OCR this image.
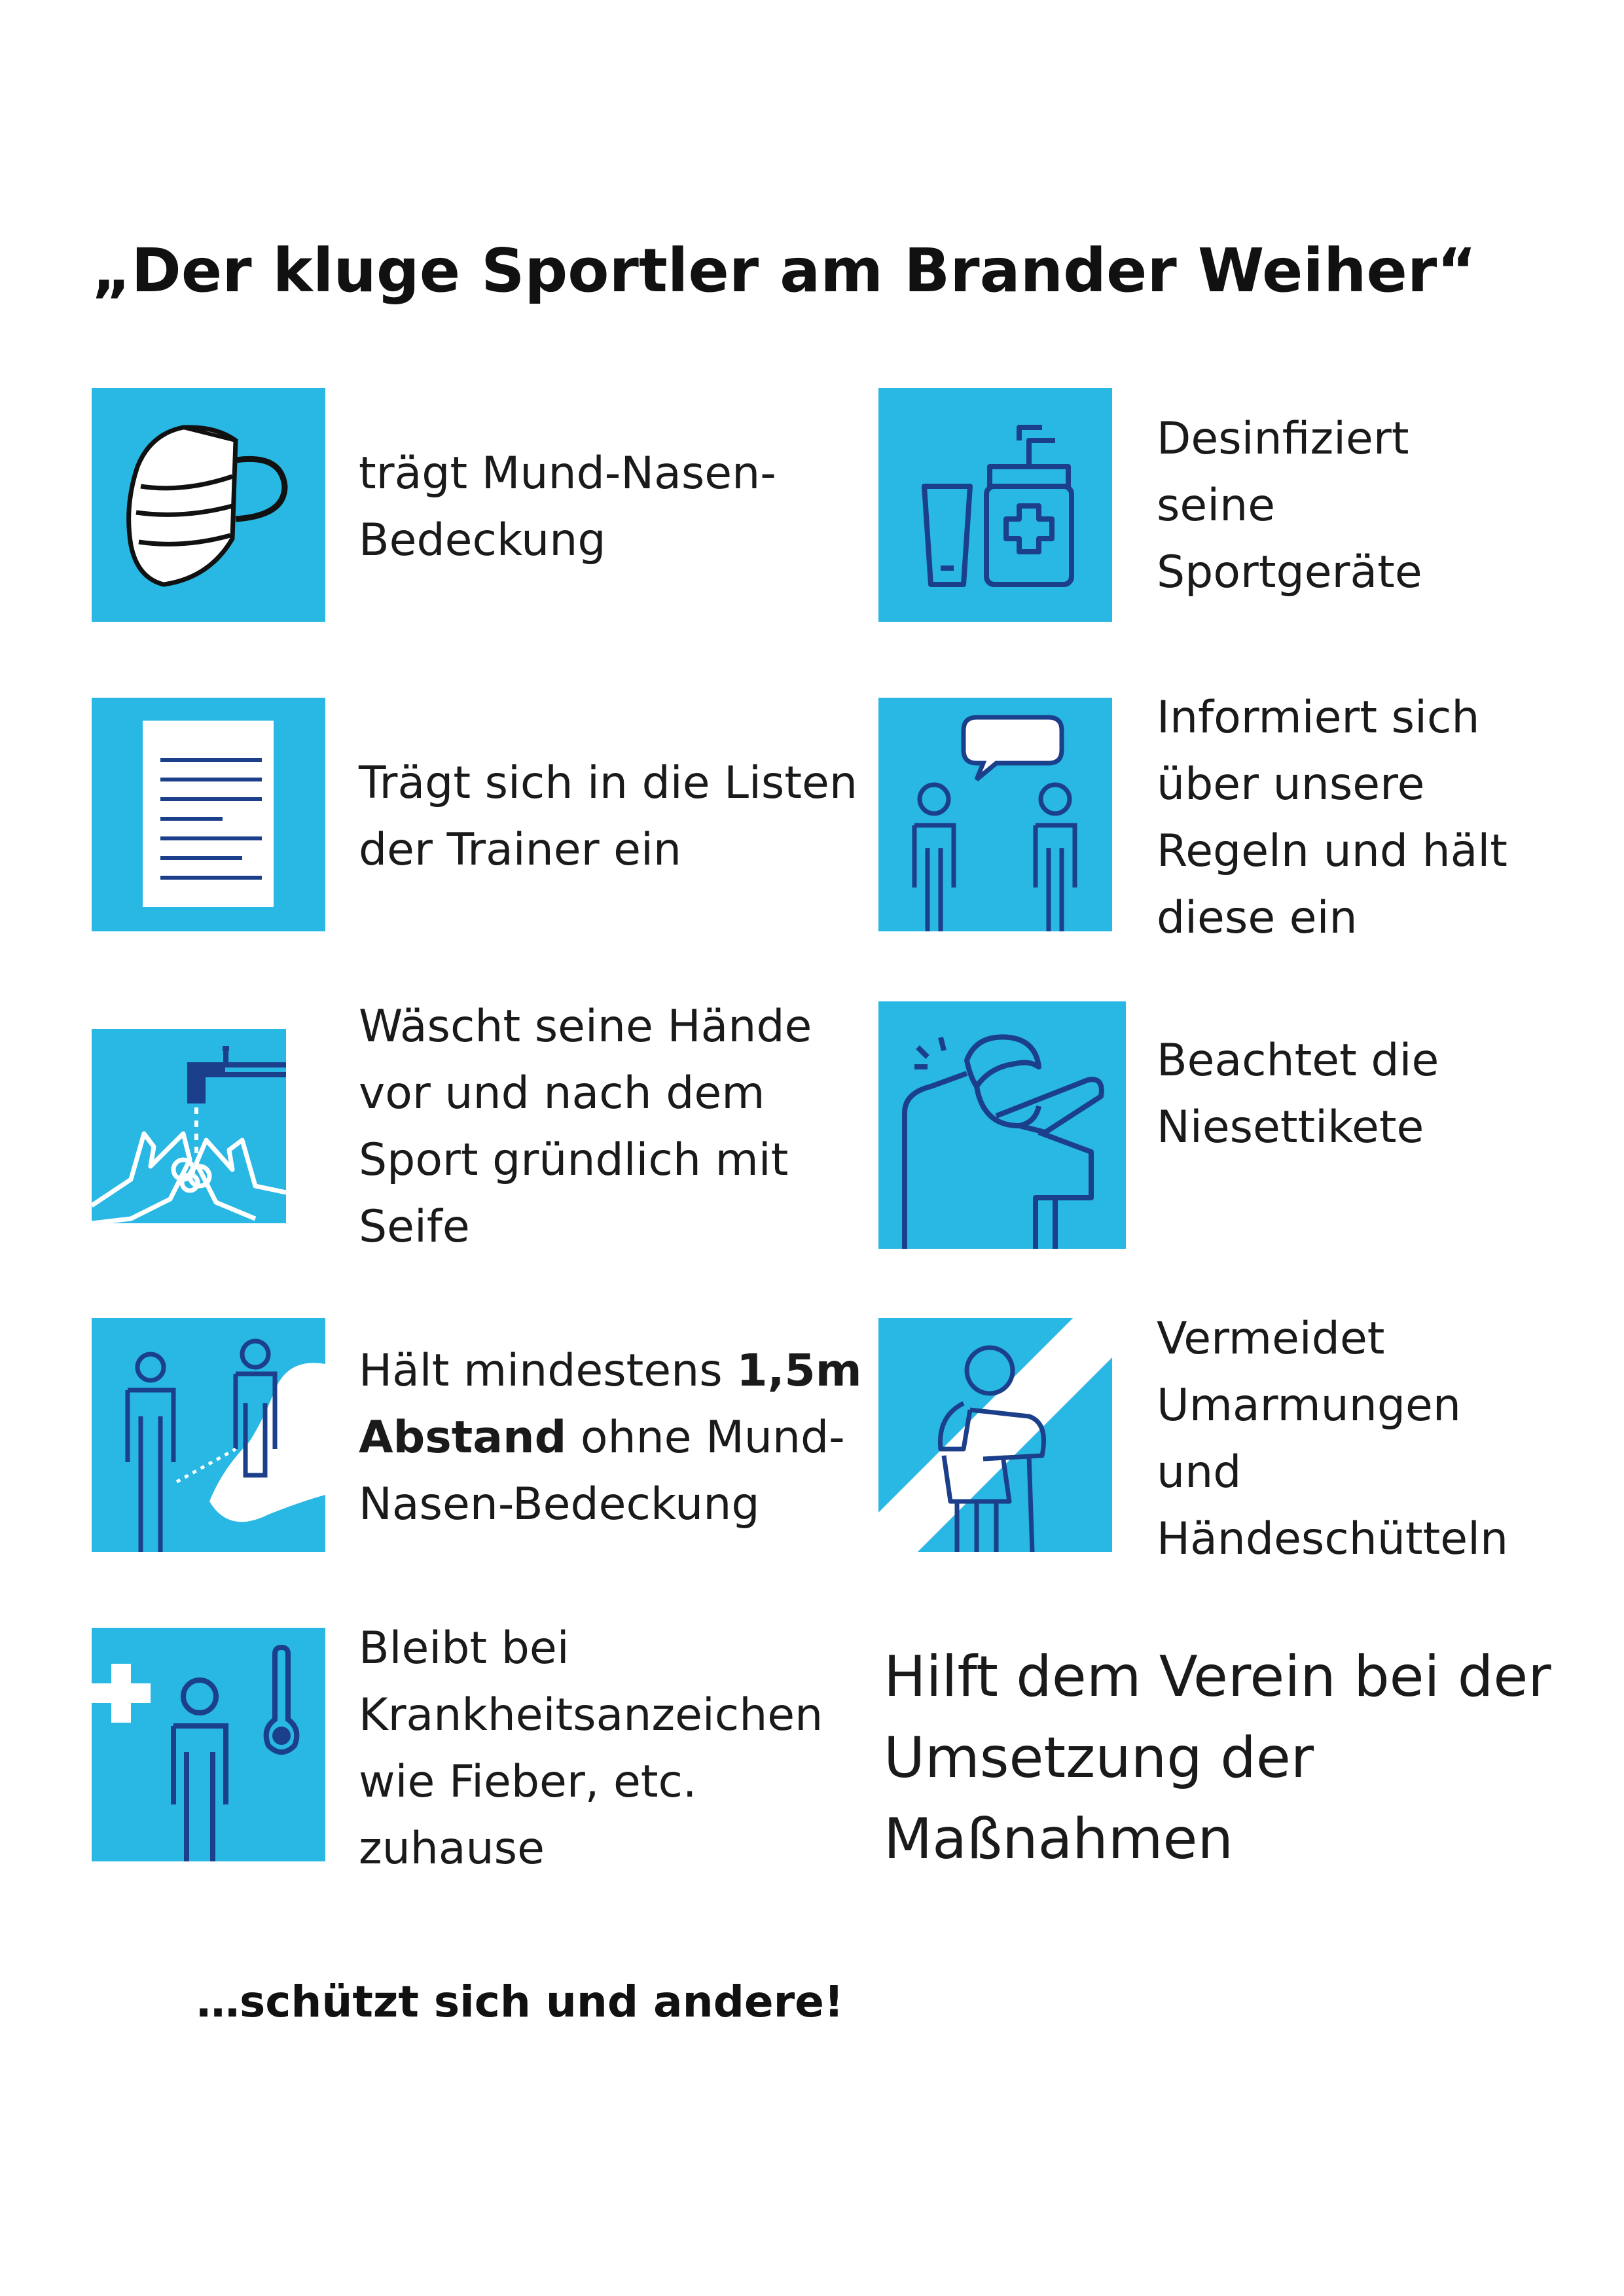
„Der kluge Sportler am Brander Weiher“
trägt Mund-Nasen-
Bedeckung
Desinfiziert
seine
Sportgeräte
Trägt sich in die Listen
der Trainer ein
Informiert sich
über unsere
Regeln und hält
diese ein
Wäscht seine Hände
vor und nach dem
Sport gründlich mit
Seife
Beachtet die
Niesettikete
Hält mindestens 1,5m
Abstand ohne Mund-
Nasen-Bedeckung
Vermeidet
Umarmungen
und
Händeschütteln
Bleibt bei
Krankheitsanzeichen
wie Fieber, etc.
zuhause
Hilft dem Verein bei der
Umsetzung der
Maßnahmen
…schützt sich und andere!
